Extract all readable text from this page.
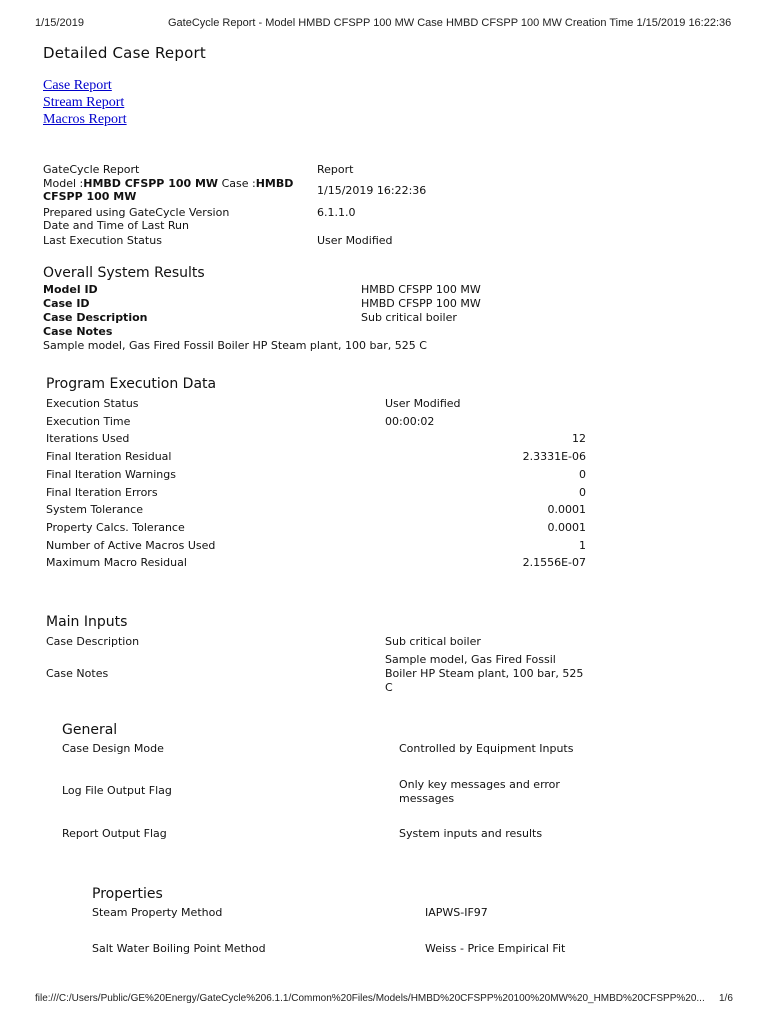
1/15/2019	GateCycle Report - Model HMBD CFSPP 100 MW Case HMBD CFSPP 100 MW Creation Time 1/15/2019 16:22:36
Detailed Case Report
Case Report
Stream Report
Macros Report
GateCycle Report	Report
Model :HMBD CFSPP 100 MW Case :HMBD
CFSPP 100 MW	1/15/2019 16:22:36
Prepared using GateCycle Version	6.1.1.0
Date and Time of Last Run
Last Execution Status	User Modified
Overall System Results
Model ID	HMBD CFSPP 100 MW
Case ID	HMBD CFSPP 100 MW
Case Description	Sub critical boiler
Case Notes
Sample model, Gas Fired Fossil Boiler HP Steam plant, 100 bar, 525 C
Program Execution Data
Execution Status	User Modified
Execution Time	00:00:02
Iterations Used	12
Final Iteration Residual	2.3331E-06
Final Iteration Warnings	0
Final Iteration Errors	0
System Tolerance	0.0001
Property Calcs. Tolerance	0.0001
Number of Active Macros Used	1
Maximum Macro Residual	2.1556E-07
Main Inputs
Case Description	Sub critical boiler
Case Notes
Sample model, Gas Fired Fossil Boiler HP Steam plant, 100 bar, 525 C
General
Case Design Mode	Controlled by Equipment Inputs
Log File Output Flag	Only key messages and error messages
Report Output Flag	System inputs and results
Properties
Steam Property Method	IAPWS-IF97
Salt Water Boiling Point Method	Weiss - Price Empirical Fit
file:///C:/Users/Public/GE%20Energy/GateCycle%206.1.1/Common%20Files/Models/HMBD%20CFSPP%20100%20MW%20_HMBD%20CFSPP%20...	1/6
